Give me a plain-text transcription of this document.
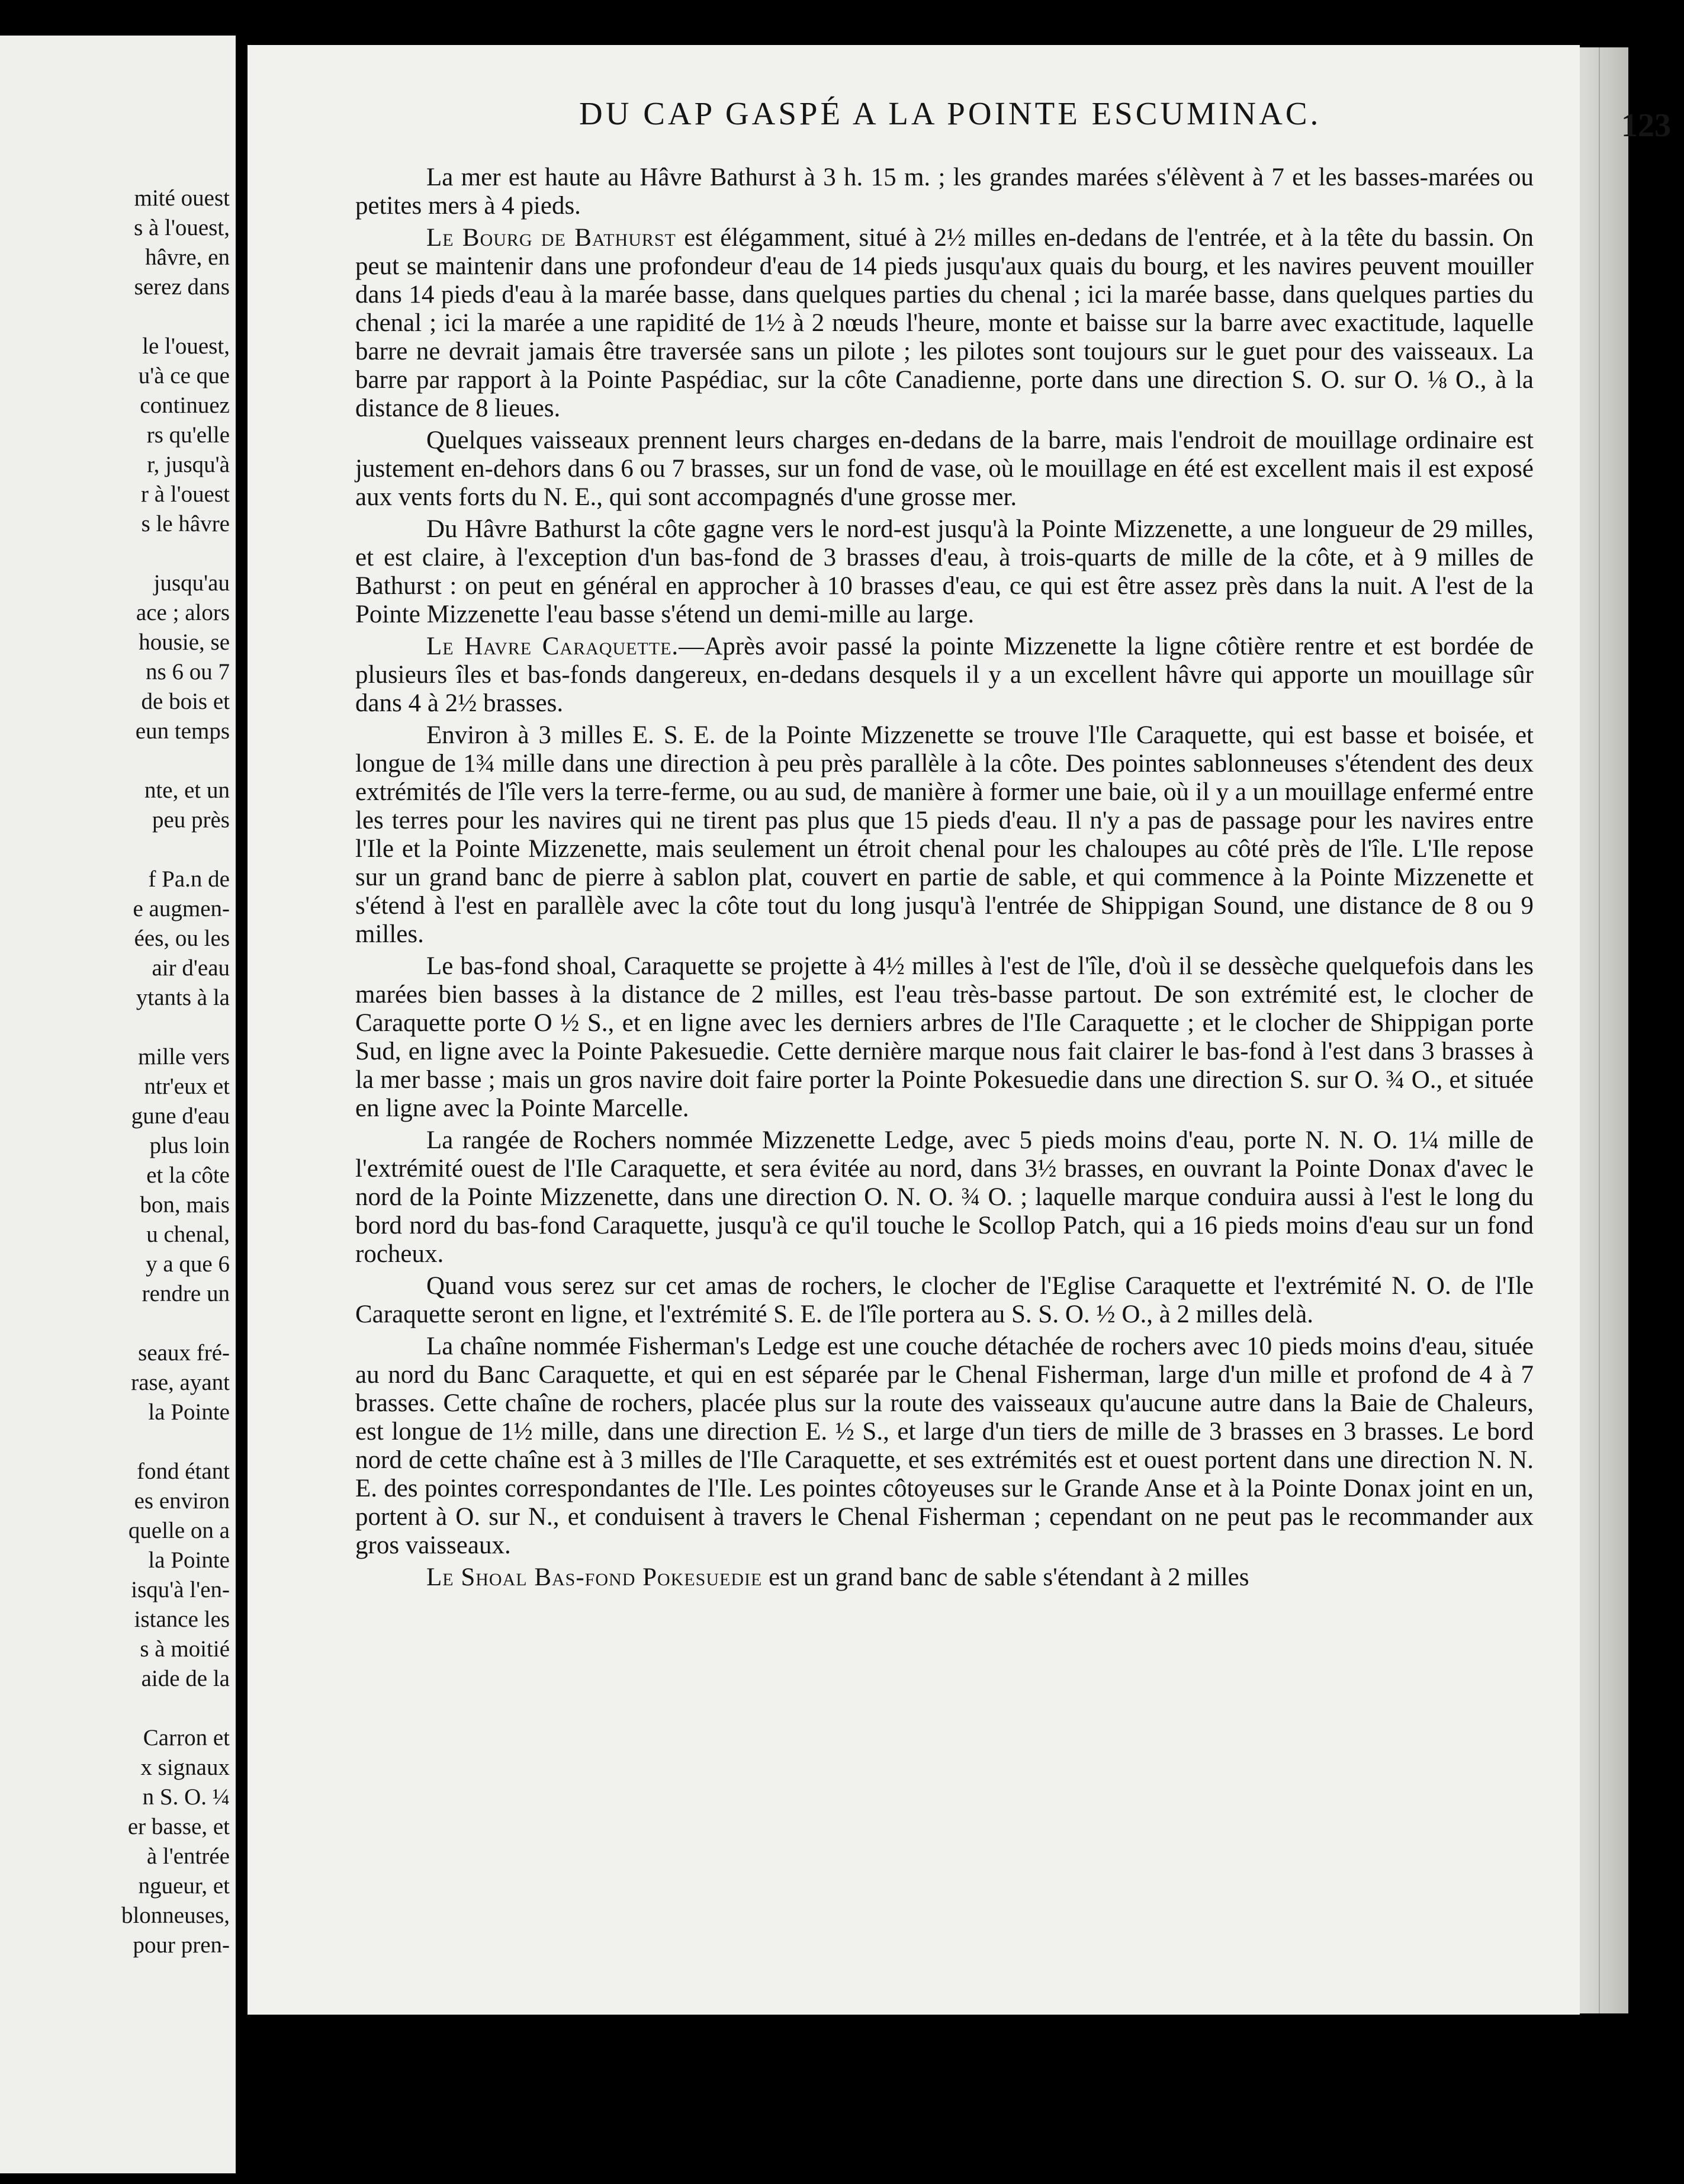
mité ouest
s à l'ouest,
hâvre, en
serez dans

le l'ouest,
u'à ce que
continuez
rs qu'elle
r, jusqu'à
r à l'ouest
s le hâvre

jusqu'au
ace ; alors
housie, se
ns 6 ou 7
de bois et
eun temps

nte, et un
peu près

f Pa.n de
e augmen-
ées, ou les
air d'eau
ytants à la

mille vers
ntr'eux et
gune d'eau
plus loin
et la côte
bon, mais
u chenal,
y a que 6
rendre un

seaux fré-
rase, ayant
la Pointe

fond étant
es environ
quelle on a
la Pointe
isqu'à l'en-
istance les
s à moitié
aide de la

Carron et
x signaux
n S. O. ¼
er basse, et
à l'entrée
ngueur, et
blonneuses,
pour pren-
DU CAP GASPÉ A LA POINTE ESCUMINAC.	123

La mer est haute au Hâvre Bathurst à 3 h. 15 m. ; les grandes marées s'élèvent à 7 et les basses-marées ou petites mers à 4 pieds.

Le Bourg de Bathurst est élégamment, situé à 2½ milles en-dedans de l'entrée, et à la tête du bassin. On peut se maintenir dans une profondeur d'eau de 14 pieds jusqu'aux quais du bourg, et les navires peuvent mouiller dans 14 pieds d'eau à la marée basse, dans quelques parties du chenal ; ici la marée basse, dans quelques parties du chenal ; ici la marée a une rapidité de 1½ à 2 nœuds l'heure, monte et baisse sur la barre avec exactitude, laquelle barre ne devrait jamais être traversée sans un pilote ; les pilotes sont toujours sur le guet pour des vaisseaux. La barre par rapport à la Pointe Paspédiac, sur la côte Canadienne, porte dans une direction S. O. sur O. ⅛ O., à la distance de 8 lieues.

Quelques vaisseaux prennent leurs charges en-dedans de la barre, mais l'endroit de mouillage ordinaire est justement en-dehors dans 6 ou 7 brasses, sur un fond de vase, où le mouillage en été est excellent mais il est exposé aux vents forts du N. E., qui sont accompagnés d'une grosse mer.

Du Hâvre Bathurst la côte gagne vers le nord-est jusqu'à la Pointe Mizzenette, a une longueur de 29 milles, et est claire, à l'exception d'un bas-fond de 3 brasses d'eau, à trois-quarts de mille de la côte, et à 9 milles de Bathurst : on peut en général en approcher à 10 brasses d'eau, ce qui est être assez près dans la nuit. A l'est de la Pointe Mizzenette l'eau basse s'étend un demi-mille au large.

Le Havre Caraquette.—Après avoir passé la pointe Mizzenette la ligne côtière rentre et est bordée de plusieurs îles et bas-fonds dangereux, en-dedans desquels il y a un excellent hâvre qui apporte un mouillage sûr dans 4 à 2½ brasses.

Environ à 3 milles E. S. E. de la Pointe Mizzenette se trouve l'Ile Caraquette, qui est basse et boisée, et longue de 1¾ mille dans une direction à peu près parallèle à la côte. Des pointes sablonneuses s'étendent des deux extrémités de l'île vers la terre-ferme, ou au sud, de manière à former une baie, où il y a un mouillage enfermé entre les terres pour les navires qui ne tirent pas plus que 15 pieds d'eau. Il n'y a pas de passage pour les navires entre l'Ile et la Pointe Mizzenette, mais seulement un étroit chenal pour les chaloupes au côté près de l'île. L'Ile repose sur un grand banc de pierre à sablon plat, couvert en partie de sable, et qui commence à la Pointe Mizzenette et s'étend à l'est en parallèle avec la côte tout du long jusqu'à l'entrée de Shippigan Sound, une distance de 8 ou 9 milles.

Le bas-fond shoal, Caraquette se projette à 4½ milles à l'est de l'île, d'où il se dessèche quelquefois dans les marées bien basses à la distance de 2 milles, est l'eau très-basse partout. De son extrémité est, le clocher de Caraquette porte O ½ S., et en ligne avec les derniers arbres de l'Ile Caraquette ; et le clocher de Shippigan porte Sud, en ligne avec la Pointe Pakesuedie. Cette dernière marque nous fait clairer le bas-fond à l'est dans 3 brasses à la mer basse ; mais un gros navire doit faire porter la Pointe Pokesuedie dans une direction S. sur O. ¾ O., et située en ligne avec la Pointe Marcelle.

La rangée de Rochers nommée Mizzenette Ledge, avec 5 pieds moins d'eau, porte N. N. O. 1¼ mille de l'extrémité ouest de l'Ile Caraquette, et sera évitée au nord, dans 3½ brasses, en ouvrant la Pointe Donax d'avec le nord de la Pointe Mizzenette, dans une direction O. N. O. ¾ O. ; laquelle marque conduira aussi à l'est le long du bord nord du bas-fond Caraquette, jusqu'à ce qu'il touche le Scollop Patch, qui a 16 pieds moins d'eau sur un fond rocheux.

Quand vous serez sur cet amas de rochers, le clocher de l'Eglise Caraquette et l'extrémité N. O. de l'Ile Caraquette seront en ligne, et l'extrémité S. E. de l'île portera au S. S. O. ½ O., à 2 milles delà.

La chaîne nommée Fisherman's Ledge est une couche détachée de rochers avec 10 pieds moins d'eau, située au nord du Banc Caraquette, et qui en est séparée par le Chenal Fisherman, large d'un mille et profond de 4 à 7 brasses. Cette chaîne de rochers, placée plus sur la route des vaisseaux qu'aucune autre dans la Baie de Chaleurs, est longue de 1½ mille, dans une direction E. ½ S., et large d'un tiers de mille de 3 brasses en 3 brasses. Le bord nord de cette chaîne est à 3 milles de l'Ile Caraquette, et ses extrémités est et ouest portent dans une direction N. N. E. des pointes correspondantes de l'Ile. Les pointes côtoyeuses sur le Grande Anse et à la Pointe Donax joint en un, portent à O. sur N., et conduisent à travers le Chenal Fisherman ; cependant on ne peut pas le recommander aux gros vaisseaux.

Le Shoal Bas-fond Pokesuedie est un grand banc de sable s'étendant à 2 milles
